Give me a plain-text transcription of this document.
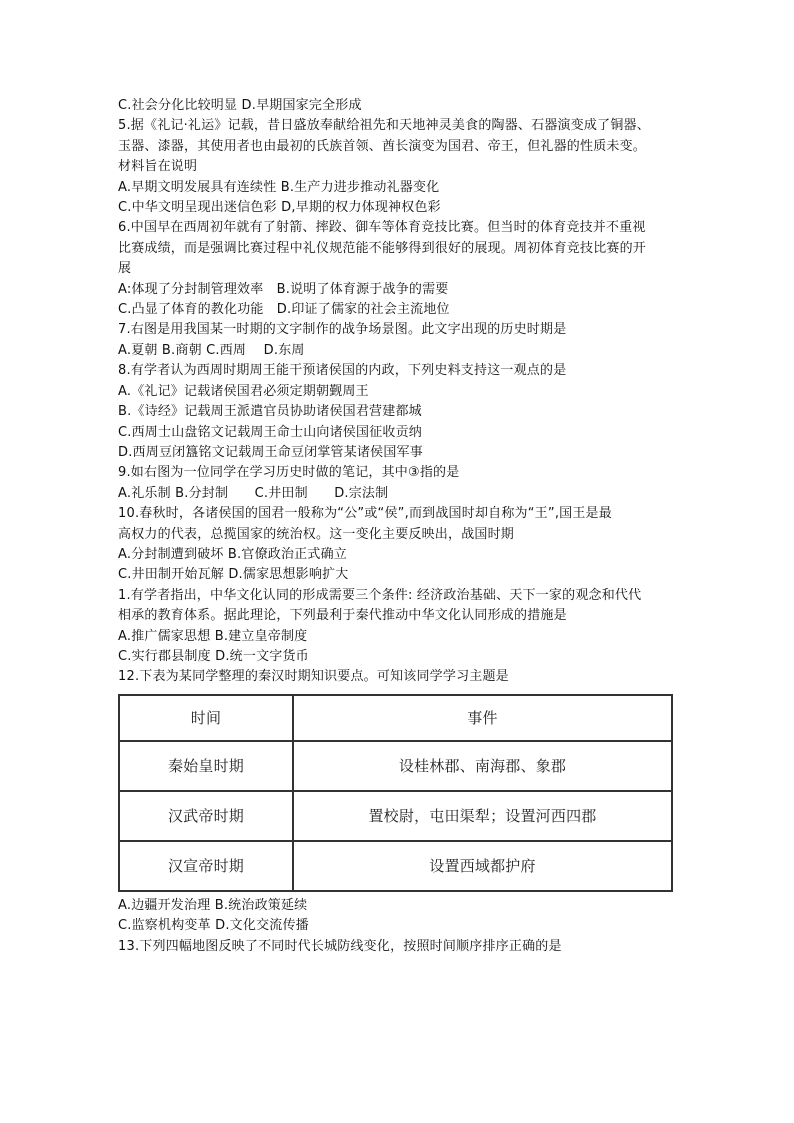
C.社会分化比较明显 D.早期国家完全形成
5.据《礼记·礼运》记载，昔日盛放奉献给祖先和天地神灵美食的陶器、石器演变成了铜器、
玉器、漆器，其使用者也由最初的氏族首领、酋长演变为国君、帝王，但礼器的性质未变。
材料旨在说明
A.早期文明发展具有连续性 B.生产力进步推动礼器变化
C.中华文明呈现出迷信色彩 D,早期的权力体现神权色彩
6.中国早在西周初年就有了射箭、摔跤、御车等体育竞技比赛。但当时的体育竞技并不重视
比赛成绩，而是强调比赛过程中礼仪规范能不能够得到很好的展现。周初体育竞技比赛的开
展
A:体现了分封制管理效率　B.说明了体育源于战争的需要
C.凸显了体育的教化功能　D.印证了儒家的社会主流地位
7.右图是用我国某一时期的文字制作的战争场景图。此文字出现的历史时期是
A.夏朝 B.商朝 C.西周　 D.东周
8.有学者认为西周时期周王能干预诸侯国的内政，下列史料支持这一观点的是
A.《礼记》记载诸侯国君必须定期朝觐周王
B.《诗经》记载周王派遣官员协助诸侯国君营建都城
C.西周士山盘铭文记载周王命士山向诸侯国征收贡纳
D.西周豆闭簋铭文记载周王命豆闭掌管某诸侯国军事
9.如右图为一位同学在学习历史时做的笔记，其中③指的是
A.礼乐制 B.分封制　　C.井田制　　D.宗法制
10.春秋时，各诸侯国的国君一般称为“公”或“侯”,而到战国时却自称为“王”,国王是最
高权力的代表，总揽国家的统治权。这一变化主要反映出，战国时期
A.分封制遭到破坏 B.官僚政治正式确立
C.井田制开始瓦解 D.儒家思想影响扩大
1.有学者指出，中华文化认同的形成需要三个条件: 经济政治基础、天下一家的观念和代代
相承的教育体系。据此理论，下列最利于秦代推动中华文化认同形成的措施是
A.推广儒家思想 B.建立皇帝制度
C.实行郡县制度 D.统一文字货币
12.下表为某同学整理的秦汉时期知识要点。可知该同学学习主题是
时间	事件
秦始皇时期	设桂林郡、南海郡、象郡
汉武帝时期	置校尉，屯田渠犁；设置河西四郡
汉宣帝时期	设置西域都护府
A.边疆开发治理 B.统治政策延续
C.监察机构变革 D.文化交流传播
13.下列四幅地图反映了不同时代长城防线变化，按照时间顺序排序正确的是
